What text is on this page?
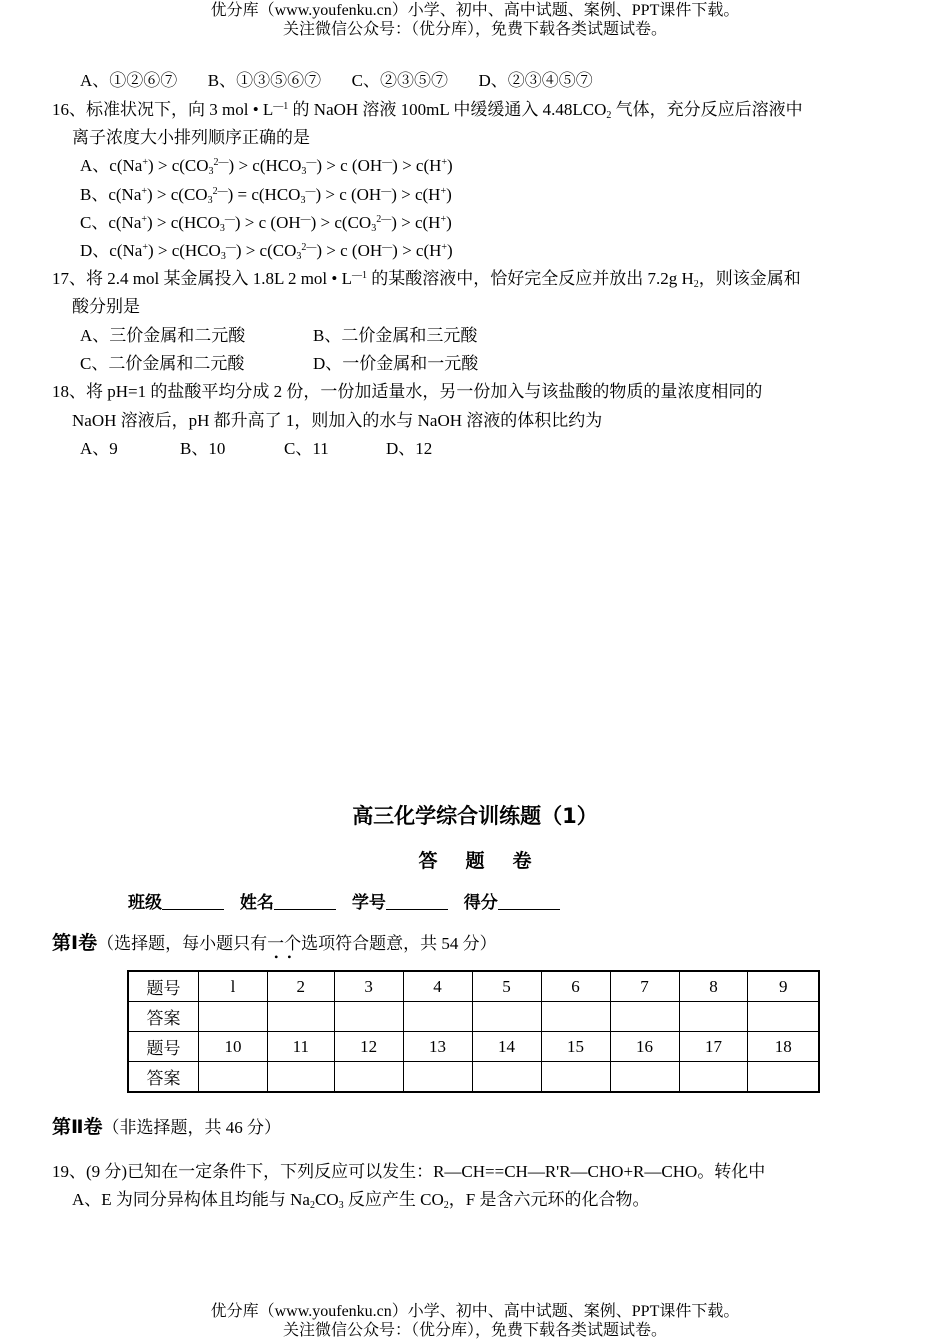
优分库（www.youfenku.cn）小学、初中、高中试题、案例、PPT课件下载。
关注微信公众号：（优分库），免费下载各类试题试卷。
A、①②⑥⑦ B、①③⑤⑥⑦ C、②③⑤⑦ D、②③④⑤⑦
16、标准状况下，向 3 mol • $L^{—1}$ 的 NaOH 溶液 100mL 中缓缓通入 $4.48LCO_2$ 气体，充分反应后溶液中
离子浓度大小排列顺序正确的是
A、$c(Na^+) > c(CO_3^{2—}) > c(HCO_3^—) > c$ (OH—) > c(H+)
B、$c(Na^+) > c(CO_3^{2—}) = c(HCO_3^—) > c$ (OH—) > c(H+)
C、$c(Na^+) > c(HCO_3^—) > c$ $(OH^—) > c(CO_3^{2—}) > c(H^+)$
D、$c(Na^+) > c(HCO_3^—) > c(CO_3^{2—}) > c$ (OH—) > c(H+)
17、将 2.4 mol 某金属投入 1.8L 2 mol • $L^{—1}$ 的某酸溶液中，恰好完全反应并放出 7.2g $H_2$，则该金属和
酸分别是
A、三价金属和二元酸	B、二价金属和三元酸
C、二价金属和二元酸	D、一价金属和一元酸
18、将 pH=1 的盐酸平均分成 2 份，一份加适量水，另一份加入与该盐酸的物质的量浓度相同的
NaOH 溶液后，pH 都升高了 1，则加入的水与 NaOH 溶液的体积比约为
A、9	B、10	C、11	D、12
高三化学综合训练题（1）
答题卷
班级	姓名	学号	得分
第Ⅰ卷（选择题，每小题只有一个
•   •
选项符合题意，共 54 分）
题号	l	2	3	4	5	6	7	8	9
答案									
题号	10	11	12	13	14	15	16	17	18
答案									
第Ⅱ卷（非选择题，共 46 分）
19、(9 分)已知在一定条件下，下列反应可以发生：R—CH==CH—R'R—CHO+R—CHO。转化中
A、E 为同分异构体且均能与 $Na_2CO_3$ 反应产生 $CO_2$，F 是含六元环的化合物。
优分库（www.youfenku.cn）小学、初中、高中试题、案例、PPT课件下载。
关注微信公众号：（优分库），免费下载各类试题试卷。
